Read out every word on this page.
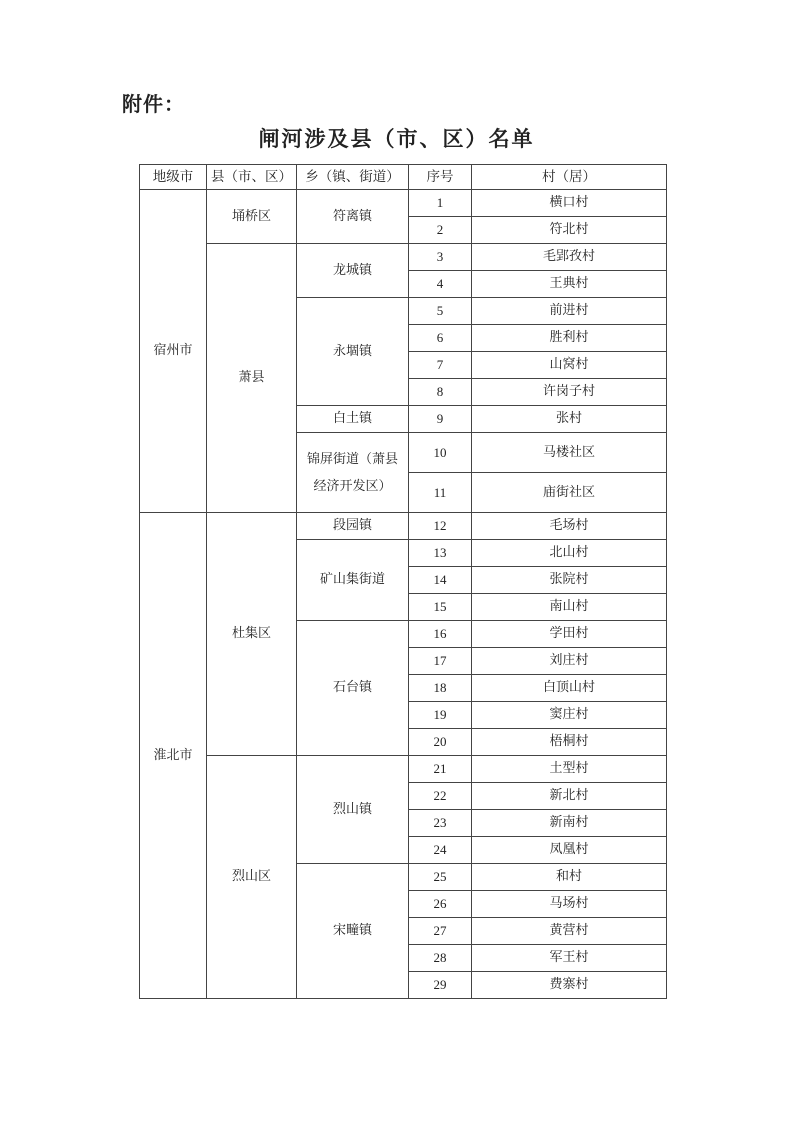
附件：
闸河涉及县（市、区）名单
地级市	县（市、区）	乡（镇、街道）	序号	村（居）
宿州市	埇桥区	符离镇	1	横口村
			2	符北村
	萧县	龙城镇	3	毛郢孜村
			4	王典村
		永堌镇	5	前进村
			6	胜利村
			7	山窝村
			8	许岗子村
		白土镇	9	张村
		锦屏街道（萧县经济开发区）	10	马楼社区
			11	庙街社区
淮北市	杜集区	段园镇	12	毛场村
		矿山集街道	13	北山村
			14	张院村
			15	南山村
		石台镇	16	学田村
			17	刘庄村
			18	白顶山村
			19	窦庄村
			20	梧桐村
	烈山区	烈山镇	21	土型村
			22	新北村
			23	新南村
			24	凤凰村
		宋疃镇	25	和村
			26	马场村
			27	黄营村
			28	军王村
			29	费寨村
